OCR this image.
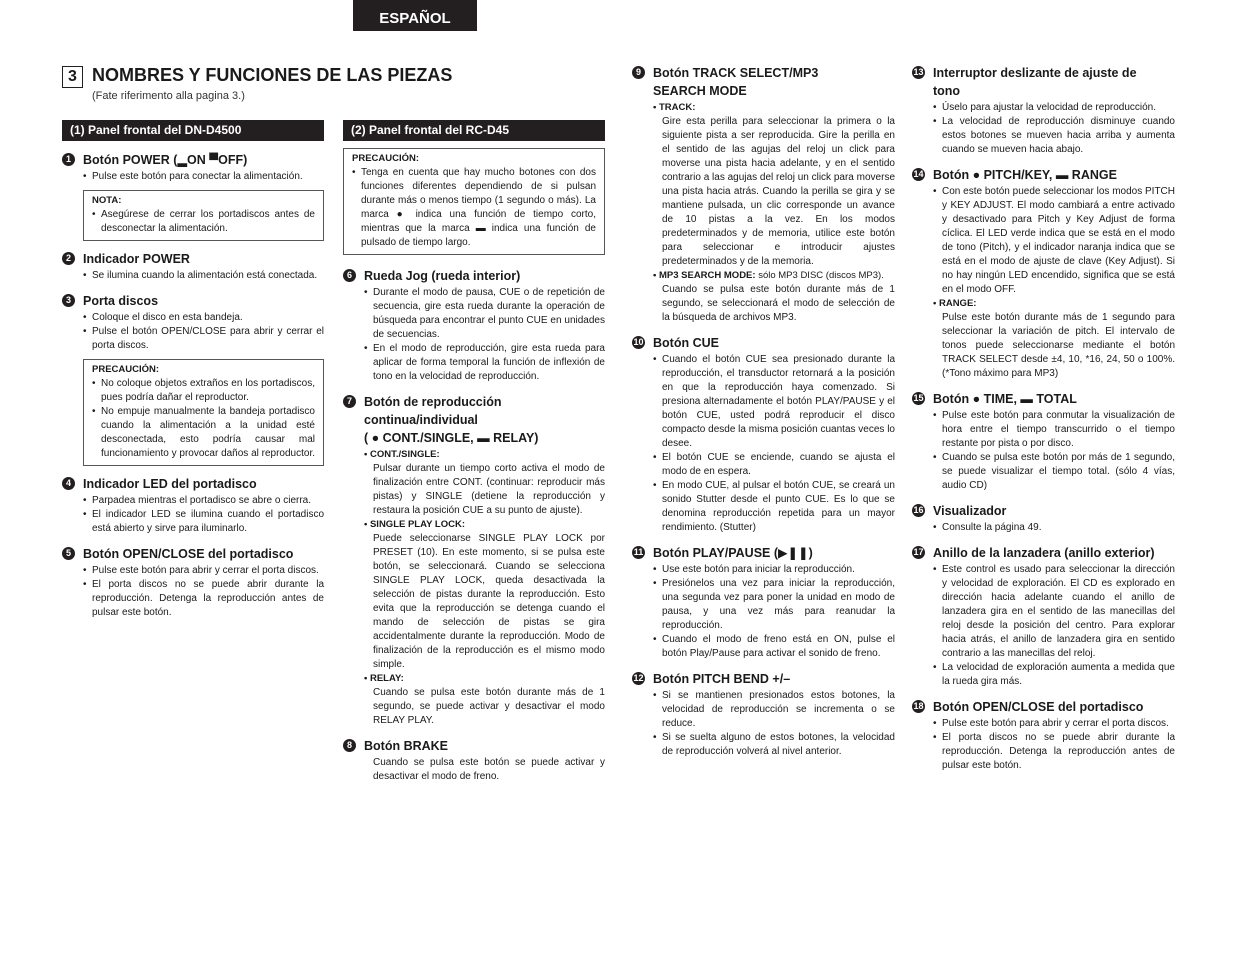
ESPAÑOL
3 NOMBRES Y FUNCIONES DE LAS PIEZAS
(Fate riferimento alla pagina 3.)
(1) Panel frontal del DN-D4500
1 Botón POWER (▂ON ▀OFF)
• Pulse este botón para conectar la alimentación.
NOTA:
• Asegúrese de cerrar los portadiscos antes de desconectar la alimentación.
2 Indicador POWER
• Se ilumina cuando la alimentación está conectada.
3 Porta discos
• Coloque el disco en esta bandeja.
• Pulse el botón OPEN/CLOSE para abrir y cerrar el porta discos.
PRECAUCIÓN:
• No coloque objetos extraños en los portadiscos, pues podría dañar el reproductor.
• No empuje manualmente la bandeja portadisco cuando la alimentación a la unidad esté desconectada, esto podría causar mal funcionamiento y provocar daños al reproductor.
4 Indicador LED del portadisco
• Parpadea mientras el portadisco se abre o cierra.
• El indicador LED se ilumina cuando el portadisco está abierto y sirve para iluminarlo.
5 Botón OPEN/CLOSE del portadisco
• Pulse este botón para abrir y cerrar el porta discos.
• El porta discos no se puede abrir durante la reproducción. Detenga la reproducción antes de pulsar este botón.
(2) Panel frontal del RC-D45
PRECAUCIÓN:
• Tenga en cuenta que hay mucho botones con dos funciones diferentes dependiendo de si pulsan durante más o menos tiempo (1 segundo o más). La marca ● indica una función de tiempo corto, mientras que la marca ▬ indica una función de pulsado de tiempo largo.
6 Rueda Jog (rueda interior)
• Durante el modo de pausa, CUE o de repetición de secuencia, gire esta rueda durante la operación de búsqueda para encontrar el punto CUE en unidades de secuencias.
• En el modo de reproducción, gire esta rueda para aplicar de forma temporal la función de inflexión de tono en la velocidad de reproducción.
7 Botón de reproducción
continua/individual
( ● CONT./SINGLE, ▬ RELAY)
• CONT./SINGLE:
Pulsar durante un tiempo corto activa el modo de finalización entre CONT. (continuar: reproducir más pistas) y SINGLE (detiene la reproducción y restaura la posición CUE a su punto de ajuste).
• SINGLE PLAY LOCK:
Puede seleccionarse SINGLE PLAY LOCK por PRESET (10). En este momento, si se pulsa este botón, se seleccionará. Cuando se selecciona SINGLE PLAY LOCK, queda desactivada la selección de pistas durante la reproducción. Esto evita que la reproducción se detenga cuando el mando de selección de pistas se gira accidentalmente durante la reproducción. Modo de finalización de la reproducción es el mismo modo simple.
• RELAY:
Cuando se pulsa este botón durante más de 1 segundo, se puede activar y desactivar el modo RELAY PLAY.
8 Botón BRAKE
Cuando se pulsa este botón se puede activar y desactivar el modo de freno.
9 Botón TRACK SELECT/MP3
SEARCH MODE
• TRACK:
Gire esta perilla para seleccionar la primera o la siguiente pista a ser reproducida. Gire la perilla en el sentido de las agujas del reloj un click para moverse una pista hacia adelante, y en el sentido contrario a las agujas del reloj un click para moverse una pista hacia atrás. Cuando la perilla se gira y se mantiene pulsada, un clic corresponde un avance de 10 pistas a la vez. En los modos predeterminados y de memoria, utilice este botón para seleccionar e introducir ajustes predeterminados y de la memoria.
• MP3 SEARCH MODE: sólo MP3 DISC (discos MP3).
Cuando se pulsa este botón durante más de 1 segundo, se seleccionará el modo de selección de la búsqueda de archivos MP3.
10 Botón CUE
• Cuando el botón CUE sea presionado durante la reproducción, el transductor retornará a la posición en que la reproducción haya comenzado. Si presiona alternadamente el botón PLAY/PAUSE y el botón CUE, usted podrá reproducir el disco compacto desde la misma posición cuantas veces lo desee.
• El botón CUE se enciende, cuando se ajusta el modo de en espera.
• En modo CUE, al pulsar el botón CUE, se creará un sonido Stutter desde el punto CUE. Es lo que se denomina reproducción repetida para un mayor rendimiento. (Stutter)
11 Botón PLAY/PAUSE (▶❚❚)
• Use este botón para iniciar la reproducción.
• Presiónelos una vez para iniciar la reproducción, una segunda vez para poner la unidad en modo de pausa, y una vez más para reanudar la reproducción.
• Cuando el modo de freno está en ON, pulse el botón Play/Pause para activar el sonido de freno.
12 Botón PITCH BEND +/–
• Si se mantienen presionados estos botones, la velocidad de reproducción se incrementa o se reduce.
• Si se suelta alguno de estos botones, la velocidad de reproducción volverá al nivel anterior.
13 Interruptor deslizante de ajuste de
tono
• Úselo para ajustar la velocidad de reproducción.
• La velocidad de reproducción disminuye cuando estos botones se mueven hacia arriba y aumenta cuando se mueven hacia abajo.
14 Botón ● PITCH/KEY, ▬ RANGE
• Con este botón puede seleccionar los modos PITCH y KEY ADJUST. El modo cambiará a entre activado y desactivado para Pitch y Key Adjust de forma cíclica. El LED verde indica que se está en el modo de tono (Pitch), y el indicador naranja indica que se está en el modo de ajuste de clave (Key Adjust). Si no hay ningún LED encendido, significa que se está en el modo OFF.
• RANGE:
Pulse este botón durante más de 1 segundo para seleccionar la variación de pitch. El intervalo de tonos puede seleccionarse mediante el botón TRACK SELECT desde ±4, 10, *16, 24, 50 o 100%. (*Tono máximo para MP3)
15 Botón ● TIME, ▬ TOTAL
• Pulse este botón para conmutar la visualización de hora entre el tiempo transcurrido o el tiempo restante por pista o por disco.
• Cuando se pulsa este botón por más de 1 segundo, se puede visualizar el tiempo total. (sólo 4 vías, audio CD)
16 Visualizador
• Consulte la página 49.
17 Anillo de la lanzadera (anillo exterior)
• Este control es usado para seleccionar la dirección y velocidad de exploración. El CD es explorado en dirección hacia adelante cuando el anillo de lanzadera gira en el sentido de las manecillas del reloj desde la posición del centro. Para explorar hacia atrás, el anillo de lanzadera gira en sentido contrario a las manecillas del reloj.
• La velocidad de exploración aumenta a medida que la rueda gira más.
18 Botón OPEN/CLOSE del portadisco
• Pulse este botón para abrir y cerrar el porta discos.
• El porta discos no se puede abrir durante la reproducción. Detenga la reproducción antes de pulsar este botón.
